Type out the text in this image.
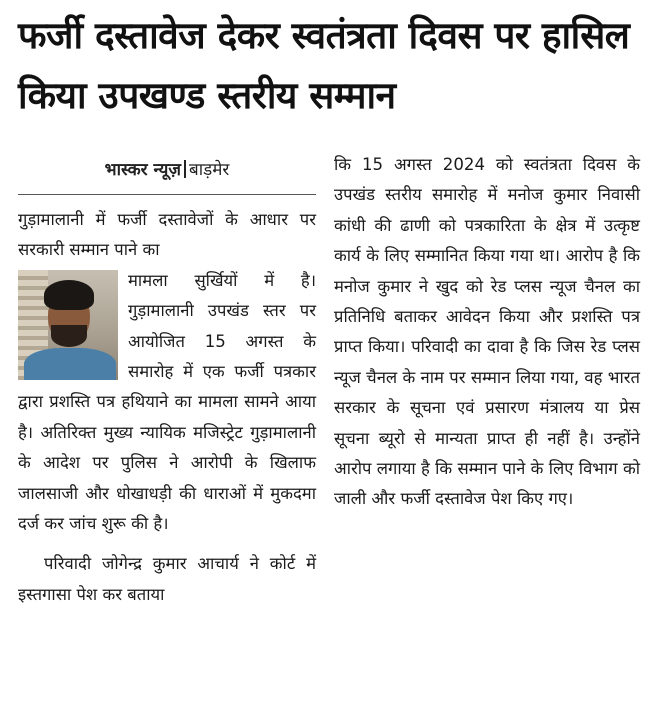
फर्जी दस्तावेज देकर स्वतंत्रता दिवस पर हासिल किया उपखण्ड स्तरीय सम्मान
भास्कर न्यूज़ बाड़मेर

गुड़ामालानी में फर्जी दस्तावेजों के आधार पर सरकारी सम्मान पाने का

मामला सुर्खियों में है। गुड़ामालानी उपखंड स्तर पर आयोजित 15 अगस्त के समारोह में एक फर्जी पत्रकार द्वारा प्रशस्ति पत्र हथियाने का मामला सामने आया है। अतिरिक्त मुख्य न्यायिक मजिस्ट्रेट गुड़ामालानी के आदेश पर पुलिस ने आरोपी के खिलाफ जालसाजी और धोखाधड़ी की धाराओं में मुकदमा दर्ज कर जांच शुरू की है।

परिवादी जोगेन्द्र कुमार आचार्य ने कोर्ट में इस्तगासा पेश कर बताया

कि 15 अगस्त 2024 को स्वतंत्रता दिवस के उपखंड स्तरीय समारोह में मनोज कुमार निवासी कांधी की ढाणी को पत्रकारिता के क्षेत्र में उत्कृष्ट कार्य के लिए सम्मानित किया गया था। आरोप है कि मनोज कुमार ने खुद को रेड प्लस न्यूज चैनल का प्रतिनिधि बताकर आवेदन किया और प्रशस्ति पत्र प्राप्त किया। परिवादी का दावा है कि जिस रेड प्लस न्यूज चैनल के नाम पर सम्मान लिया गया, वह भारत सरकार के सूचना एवं प्रसारण मंत्रालय या प्रेस सूचना ब्यूरो से मान्यता प्राप्त ही नहीं है। उन्होंने आरोप लगाया है कि सम्मान पाने के लिए विभाग को जाली और फर्जी दस्तावेज पेश किए गए।
